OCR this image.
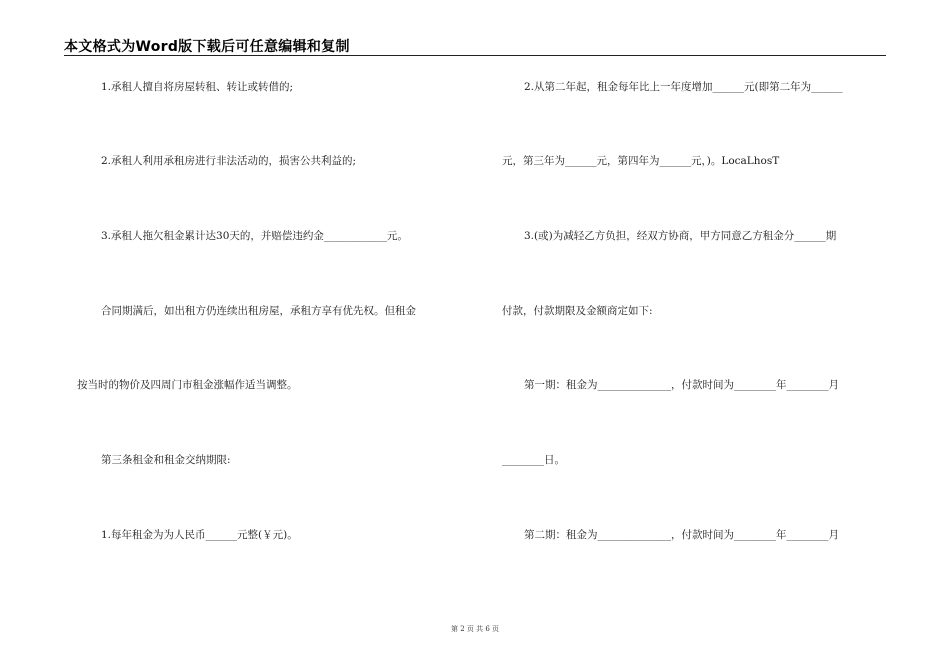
本文格式为Word版下载后可任意编辑和复制
1.承租人擅自将房屋转租、转让或转借的;
2.承租人利用承租房进行非法活动的，损害公共利益的;
3.承租人拖欠租金累计达30天的，并赔偿违约金____________元。
合同期满后，如出租方仍连续出租房屋，承租方享有优先权。但租金
按当时的物价及四周门市租金涨幅作适当调整。
第三条租金和租金交纳期限:
1.每年租金为为人民币______元整(￥元)。
2.从第二年起，租金每年比上一年度增加______元(即第二年为______
元，第三年为______元，第四年为______元，)。LocaLhosT
3.(或)为减轻乙方负担，经双方协商，甲方同意乙方租金分______期
付款，付款期限及金额商定如下:
第一期：租金为______________，付款时间为________年________月
________日。
第二期：租金为______________，付款时间为________年________月
第 2 页 共 6 页
